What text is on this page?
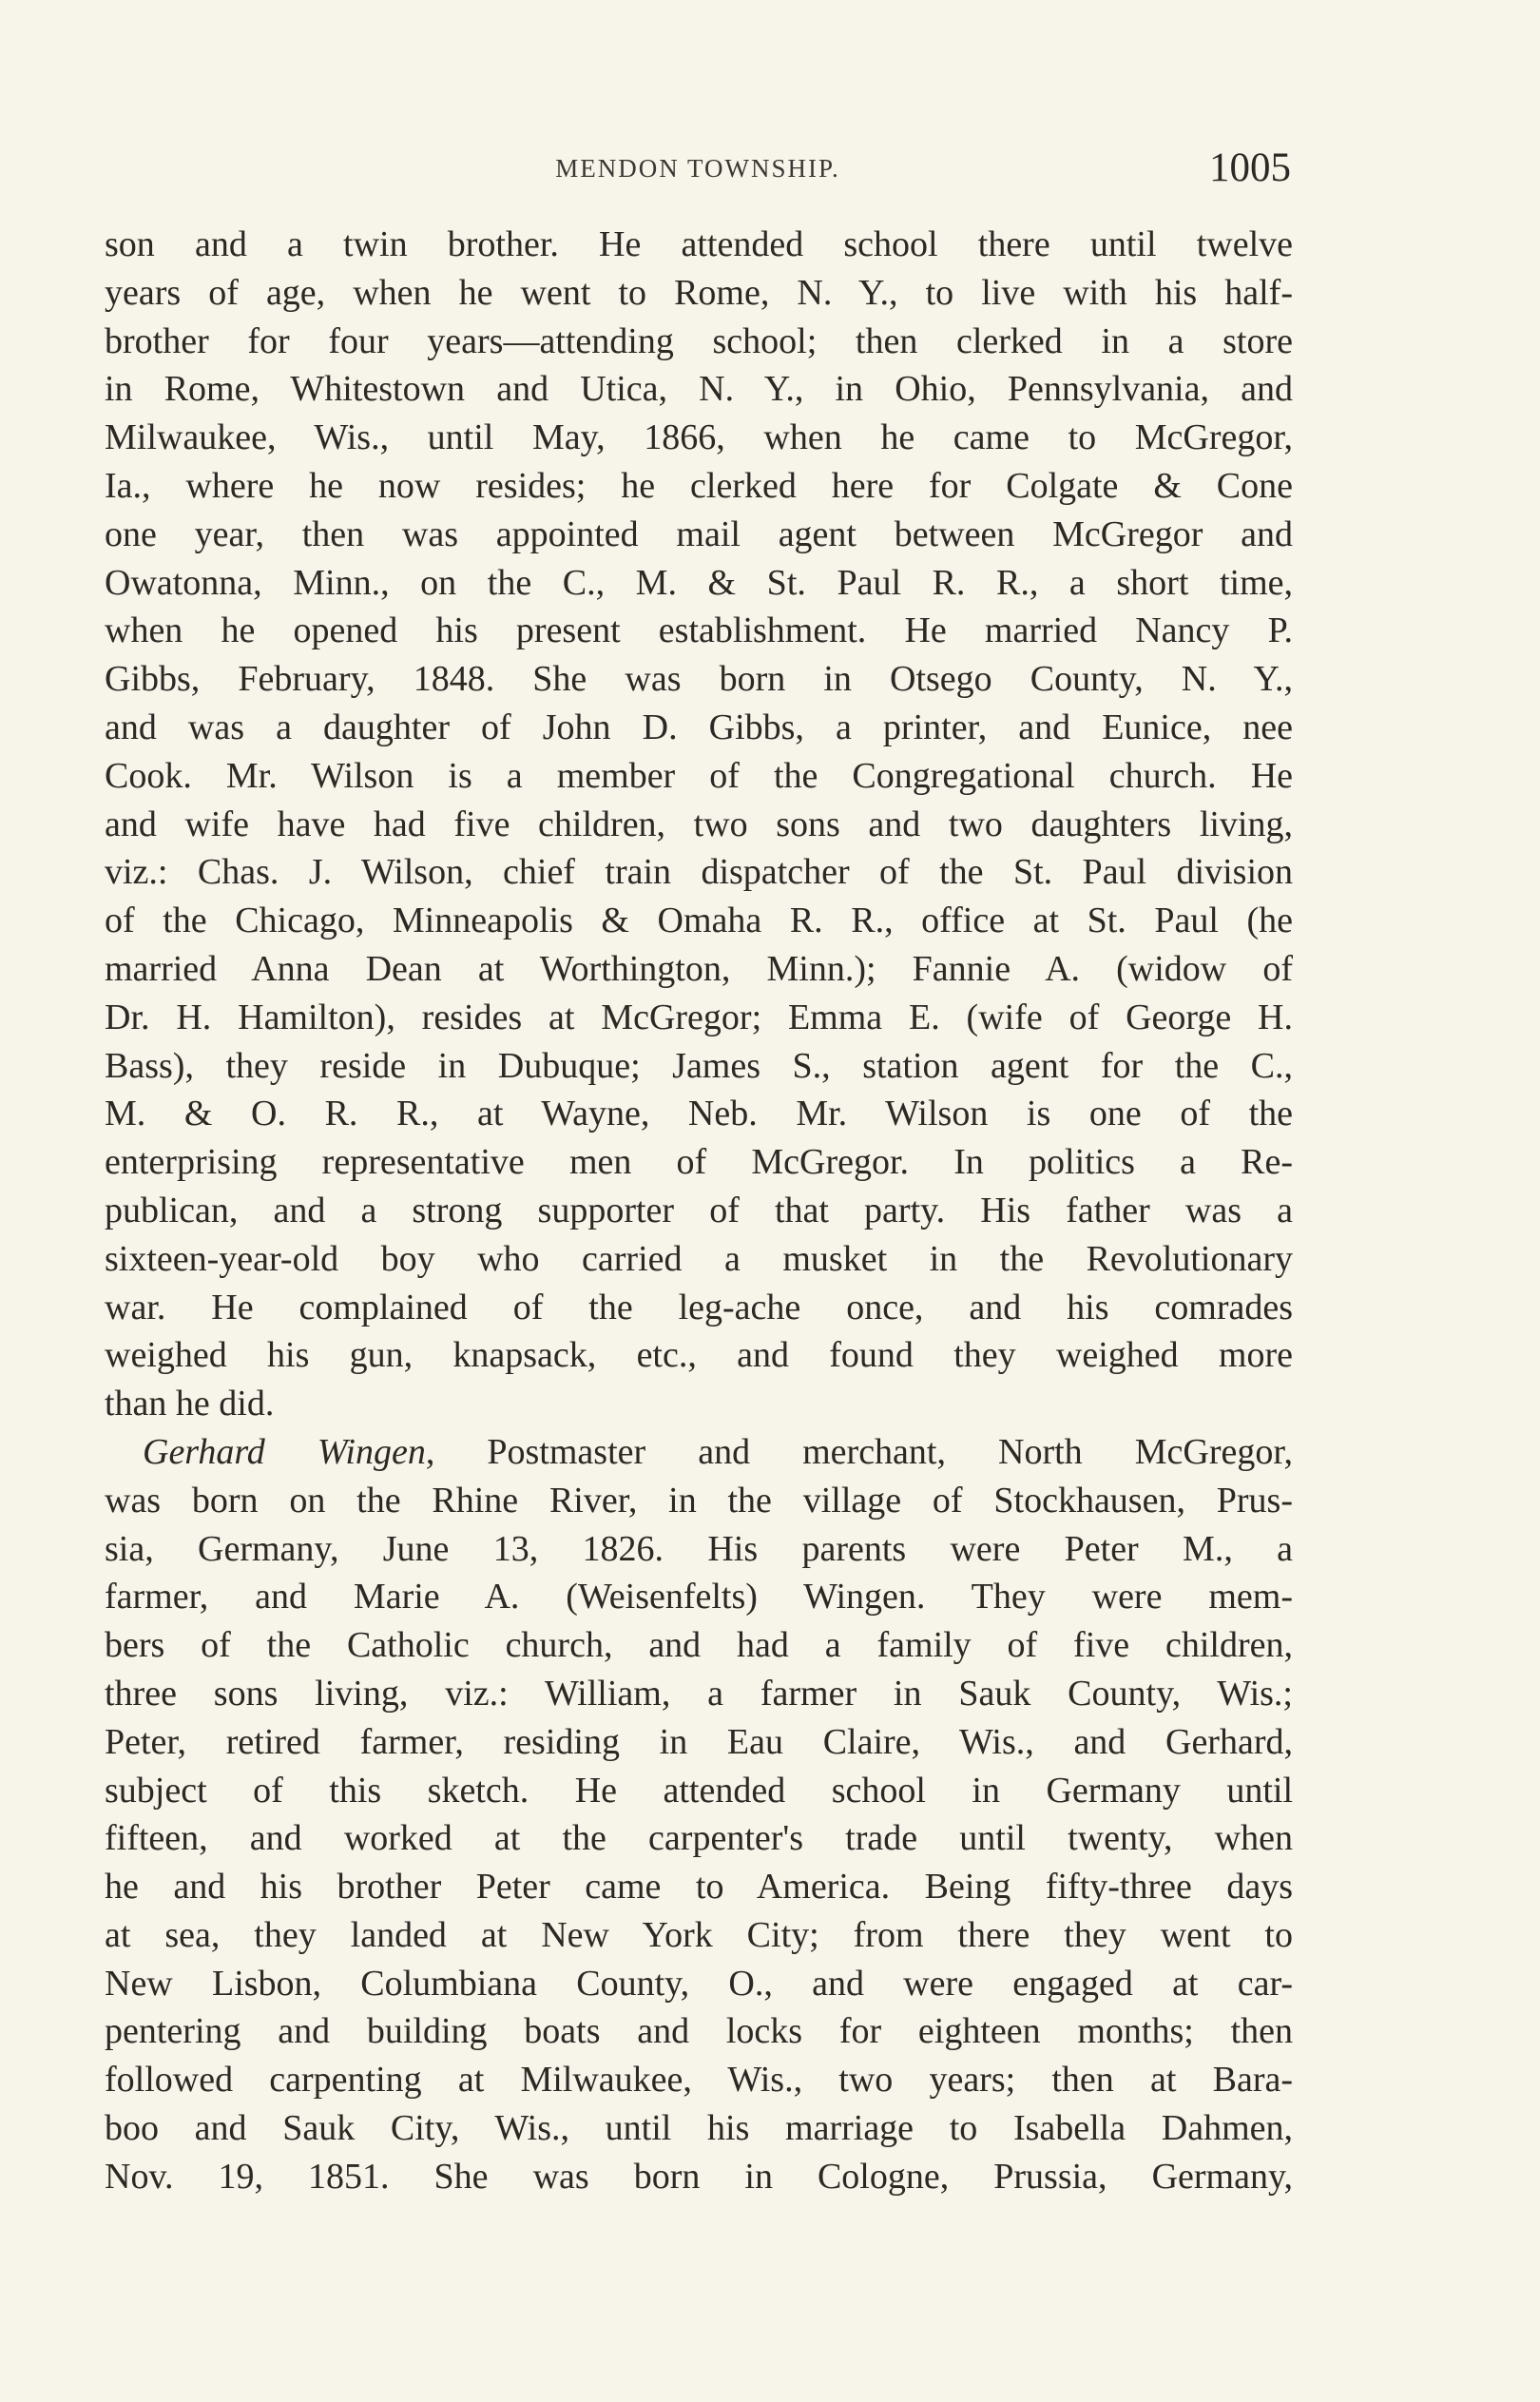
MENDON TOWNSHIP.	1005
son and a twin brother. He attended school there until twelve
years of age, when he went to Rome, N. Y., to live with his half-
brother for four years—attending school; then clerked in a store
in Rome, Whitestown and Utica, N. Y., in Ohio, Pennsylvania, and
Milwaukee, Wis., until May, 1866, when he came to McGregor,
Ia., where he now resides; he clerked here for Colgate & Cone
one year, then was appointed mail agent between McGregor and
Owatonna, Minn., on the C., M. & St. Paul R. R., a short time,
when he opened his present establishment. He married Nancy P.
Gibbs, February, 1848. She was born in Otsego County, N. Y.,
and was a daughter of John D. Gibbs, a printer, and Eunice, nee
Cook. Mr. Wilson is a member of the Congregational church. He
and wife have had five children, two sons and two daughters living,
viz.: Chas. J. Wilson, chief train dispatcher of the St. Paul division
of the Chicago, Minneapolis & Omaha R. R., office at St. Paul (he
married Anna Dean at Worthington, Minn.); Fannie A. (widow of
Dr. H. Hamilton), resides at McGregor; Emma E. (wife of George H.
Bass), they reside in Dubuque; James S., station agent for the C.,
M. & O. R. R., at Wayne, Neb. Mr. Wilson is one of the
enterprising representative men of McGregor. In politics a Re-
publican, and a strong supporter of that party. His father was a
sixteen-year-old boy who carried a musket in the Revolutionary
war. He complained of the leg-ache once, and his comrades
weighed his gun, knapsack, etc., and found they weighed more
than he did.
Gerhard Wingen, Postmaster and merchant, North McGregor,
was born on the Rhine River, in the village of Stockhausen, Prus-
sia, Germany, June 13, 1826. His parents were Peter M., a
farmer, and Marie A. (Weisenfelts) Wingen. They were mem-
bers of the Catholic church, and had a family of five children,
three sons living, viz.: William, a farmer in Sauk County, Wis.;
Peter, retired farmer, residing in Eau Claire, Wis., and Gerhard,
subject of this sketch. He attended school in Germany until
fifteen, and worked at the carpenter's trade until twenty, when
he and his brother Peter came to America. Being fifty-three days
at sea, they landed at New York City; from there they went to
New Lisbon, Columbiana County, O., and were engaged at car-
pentering and building boats and locks for eighteen months; then
followed carpenting at Milwaukee, Wis., two years; then at Bara-
boo and Sauk City, Wis., until his marriage to Isabella Dahmen,
Nov. 19, 1851. She was born in Cologne, Prussia, Germany,
